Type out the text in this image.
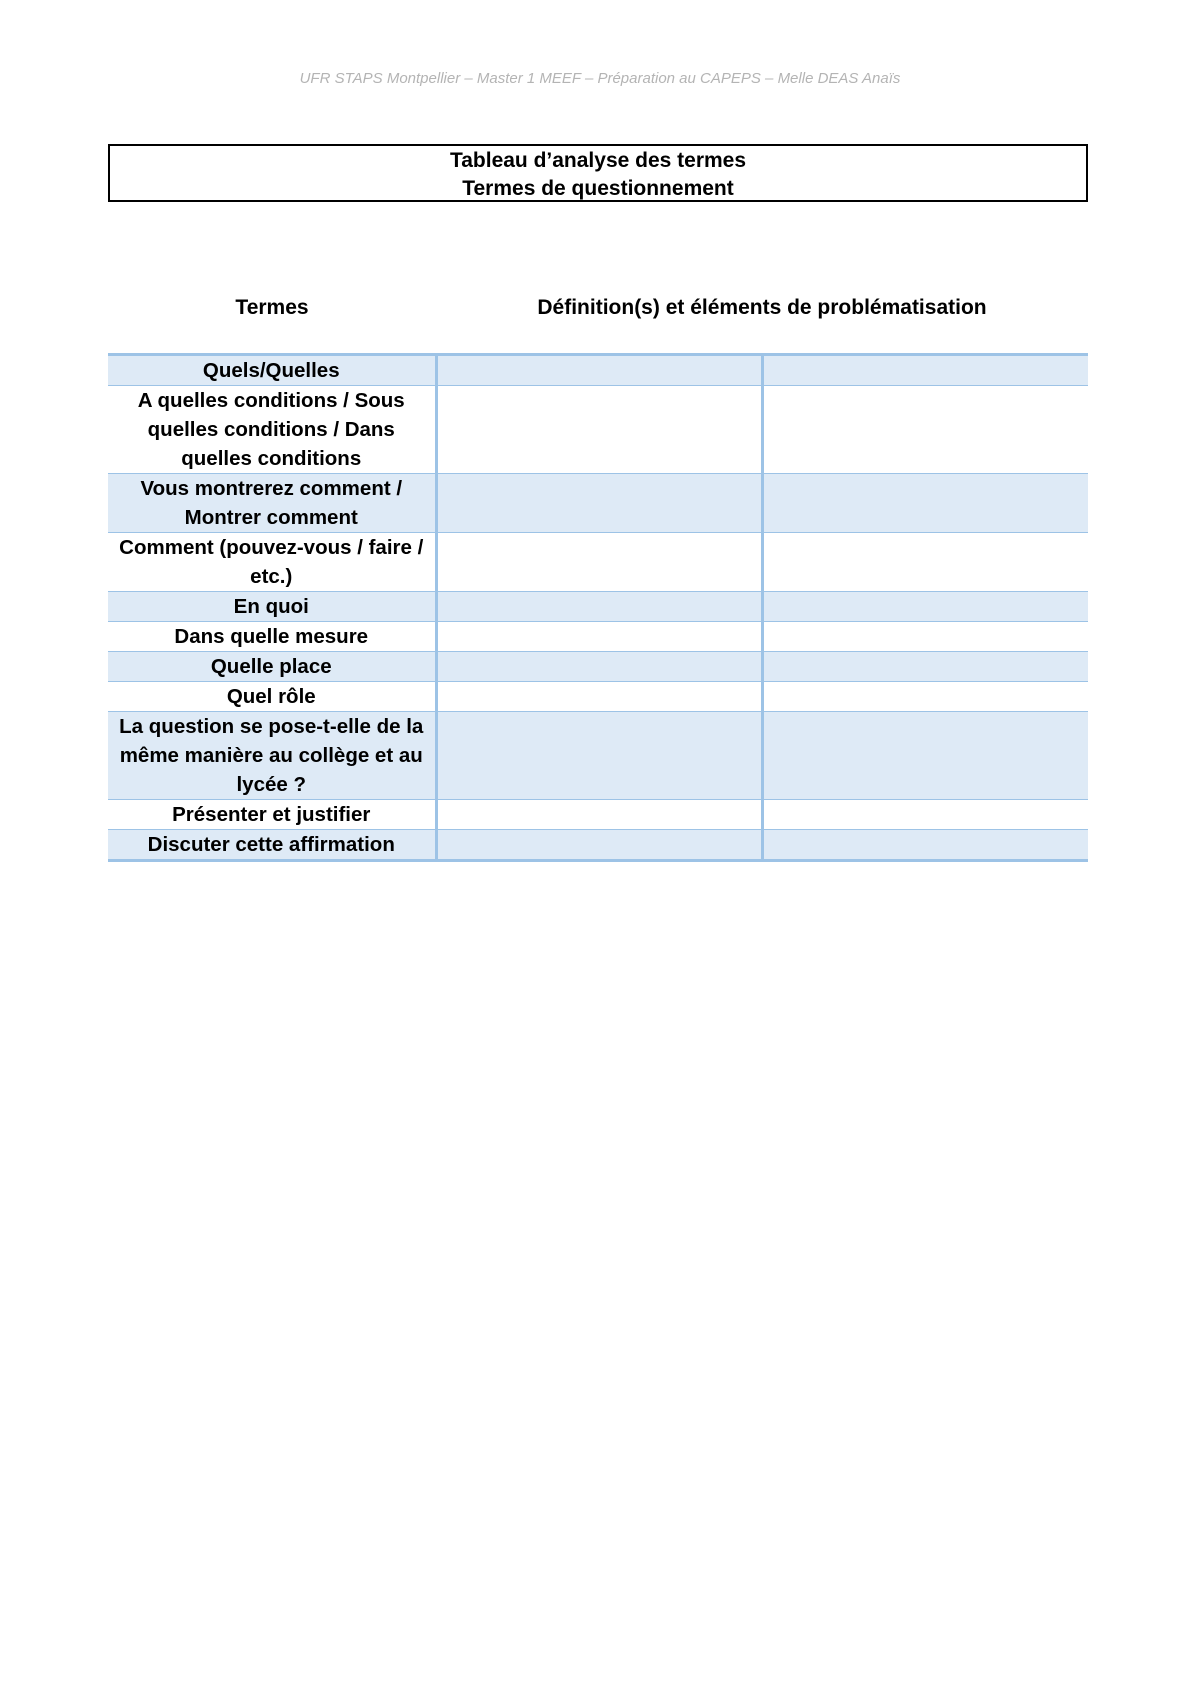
UFR STAPS Montpellier – Master 1 MEEF – Préparation au CAPEPS – Melle DEAS Anaïs
Tableau d’analyse des termes
Termes de questionnement
Termes	Définition(s) et éléments de problématisation
Quels/Quelles		
A quelles conditions / Sous quelles conditions / Dans quelles conditions		
Vous montrerez comment / Montrer comment		
Comment (pouvez-vous / faire / etc.)		
En quoi		
Dans quelle mesure		
Quelle place		
Quel rôle		
La question se pose-t-elle de la même manière au collège et au lycée ?		
Présenter et justifier		
Discuter cette affirmation		
